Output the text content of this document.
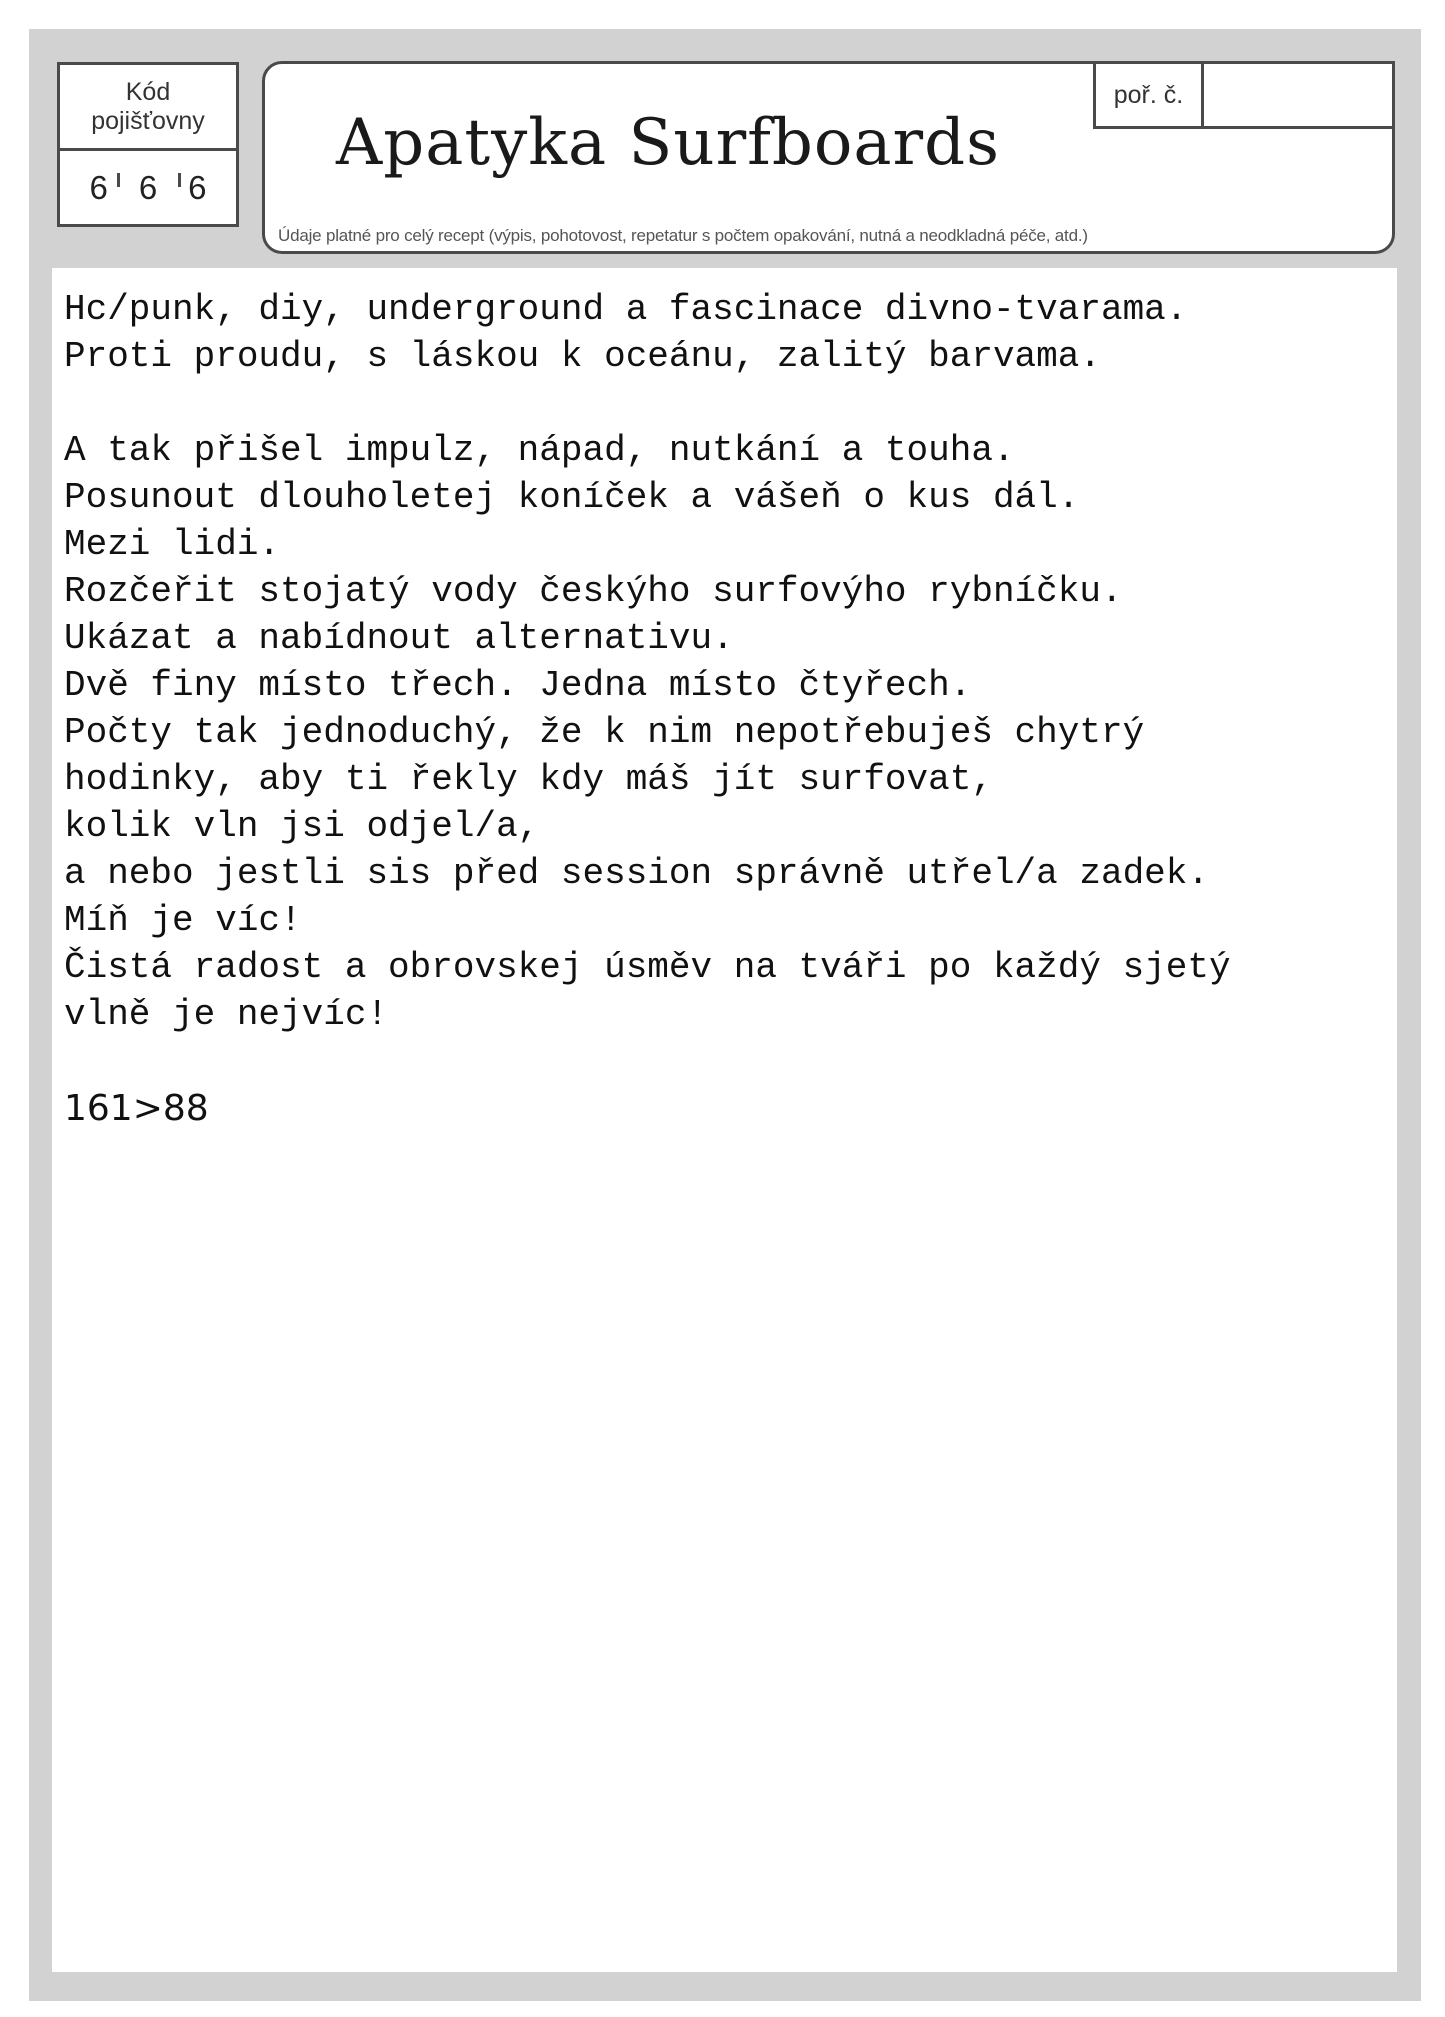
Kód
pojišťovny
6 6 6
Apatyka Surfboards
poř. č.
Údaje platné pro celý recept (výpis, pohotovost, repetatur s počtem opakování, nutná a neodkladná péče, atd.)
Hc/punk, diy, underground a fascinace divno-tvarama.
Proti proudu, s láskou k oceánu, zalitý barvama.
A tak přišel impulz, nápad, nutkání a touha.
Posunout dlouholetej koníček a vášeň o kus dál.
Mezi lidi.
Rozčeřit stojatý vody českýho surfovýho rybníčku.
Ukázat a nabídnout alternativu.
Dvě finy místo třech. Jedna místo čtyřech.
Počty tak jednoduchý, že k nim nepotřebuješ chytrý
hodinky, aby ti řekly kdy máš jít surfovat,
kolik vln jsi odjel/a,
a nebo jestli sis před session správně utřel/a zadek.
Míň je víc!
Čistá radost a obrovskej úsměv na tváři po každý sjetý
vlně je nejvíc!
161>88
